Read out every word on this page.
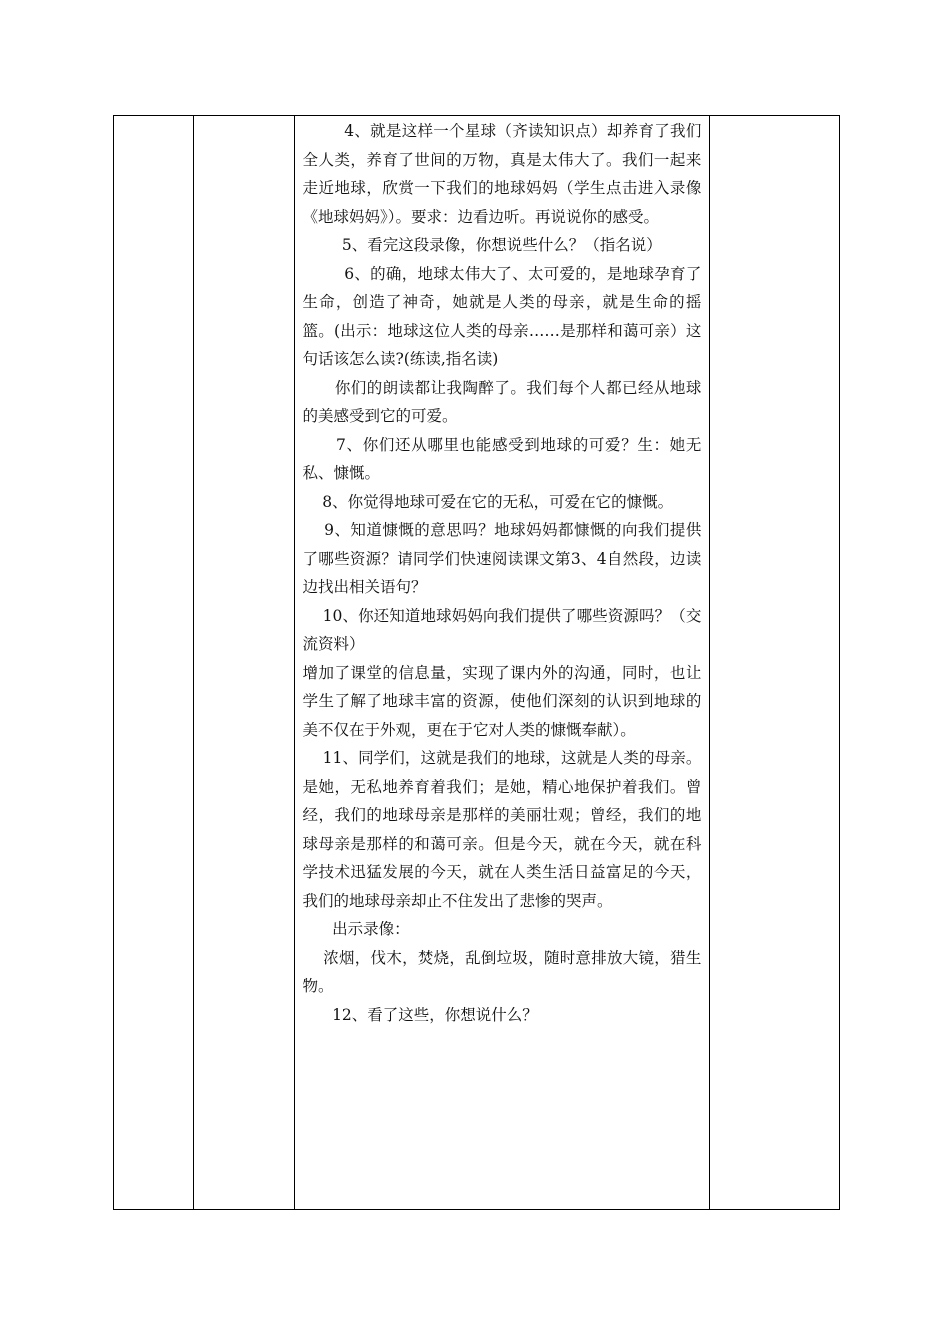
4、就是这样一个星球（齐读知识点）却养育了我们全人类，养育了世间的万物，真是太伟大了。我们一起来走近地球，欣赏一下我们的地球妈妈（学生点击进入录像《地球妈妈》）。要求：边看边听。再说说你的感受。

5、看完这段录像，你想说些什么？（指名说）

6、的确，地球太伟大了、太可爱的，是地球孕育了生命，创造了神奇，她就是人类的母亲，就是生命的摇篮。(出示：地球这位人类的母亲……是那样和蔼可亲）这句话该怎么读?(练读,指名读)

你们的朗读都让我陶醉了。我们每个人都已经从地球的美感受到它的可爱。

7、你们还从哪里也能感受到地球的可爱？生：她无私、慷慨。

8、你觉得地球可爱在它的无私，可爱在它的慷慨。

9、知道慷慨的意思吗？地球妈妈都慷慨的向我们提供了哪些资源？请同学们快速阅读课文第3、4自然段，边读边找出相关语句？

10、你还知道地球妈妈向我们提供了哪些资源吗？（交流资料）

增加了课堂的信息量，实现了课内外的沟通，同时，也让学生了解了地球丰富的资源，使他们深刻的认识到地球的美不仅在于外观，更在于它对人类的慷慨奉献）。

11、同学们，这就是我们的地球，这就是人类的母亲。是她，无私地养育着我们；是她，精心地保护着我们。曾经，我们的地球母亲是那样的美丽壮观；曾经，我们的地球母亲是那样的和蔼可亲。但是今天，就在今天，就在科学技术迅猛发展的今天，就在人类生活日益富足的今天，我们的地球母亲却止不住发出了悲惨的哭声。

出示录像：

浓烟，伐木，焚烧，乱倒垃圾，随时意排放大镜，猎生物。

12、看了这些，你想说什么？
